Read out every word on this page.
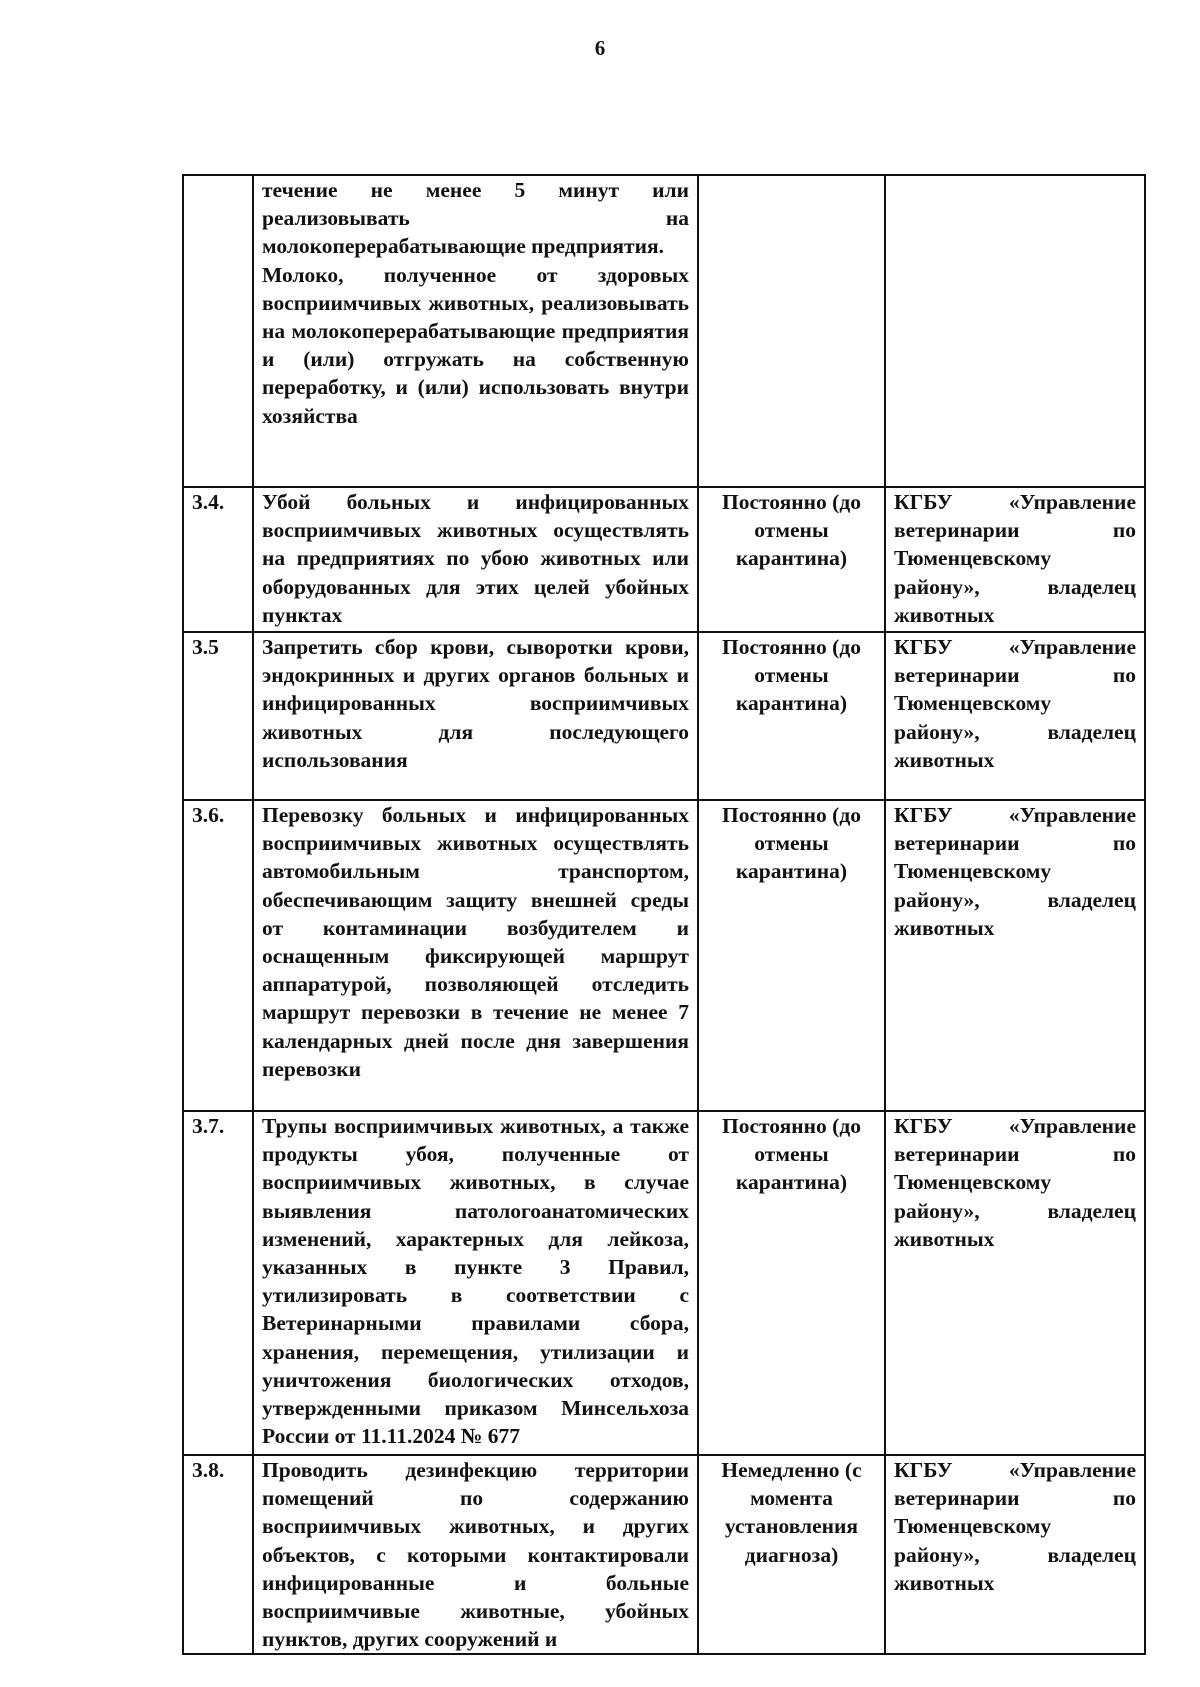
6

	течение не менее 5 минут или реализовывать на молокоперерабатывающие предприятия.
Молоко, полученное от здоровых восприимчивых животных, реализовывать на молокоперерабатывающие предприятия и (или) отгружать на собственную переработку, и (или) использовать внутри хозяйства		

3.4.	Убой больных и инфицированных восприимчивых животных осуществлять на предприятиях по убою животных или оборудованных для этих целей убойных пунктах	Постоянно (до отмены карантина)	КГБУ «Управление ветеринарии по Тюменцевскому району», владелец животных
3.5	Запретить сбор крови, сыворотки крови, эндокринных и других органов больных и инфицированных восприимчивых животных для последующего использования	Постоянно (до отмены карантина)	КГБУ «Управление ветеринарии по Тюменцевскому району», владелец животных
3.6.	Перевозку больных и инфицированных восприимчивых животных осуществлять автомобильным транспортом, обеспечивающим защиту внешней среды от контаминации возбудителем и оснащенным фиксирующей маршрут аппаратурой, позволяющей отследить маршрут перевозки в течение не менее 7 календарных дней после дня завершения перевозки	Постоянно (до отмены карантина)	КГБУ «Управление ветеринарии по Тюменцевскому району», владелец животных
3.7.	Трупы восприимчивых животных, а также продукты убоя, полученные от восприимчивых животных, в случае выявления патологоанатомических изменений, характерных для лейкоза, указанных в пункте 3 Правил, утилизировать в соответствии с Ветеринарными правилами сбора, хранения, перемещения, утилизации и уничтожения биологических отходов, утвержденными приказом Минсельхоза России от 11.11.2024 № 677	Постоянно (до отмены карантина)	КГБУ «Управление ветеринарии по Тюменцевскому району», владелец животных
3.8.	Проводить дезинфекцию территории помещений по содержанию восприимчивых животных, и других объектов, с которыми контактировали инфицированные и больные восприимчивые животные, убойных пунктов, других сооружений и	Немедленно (с момента установления диагноза)	КГБУ «Управление ветеринарии по Тюменцевскому району», владелец животных
